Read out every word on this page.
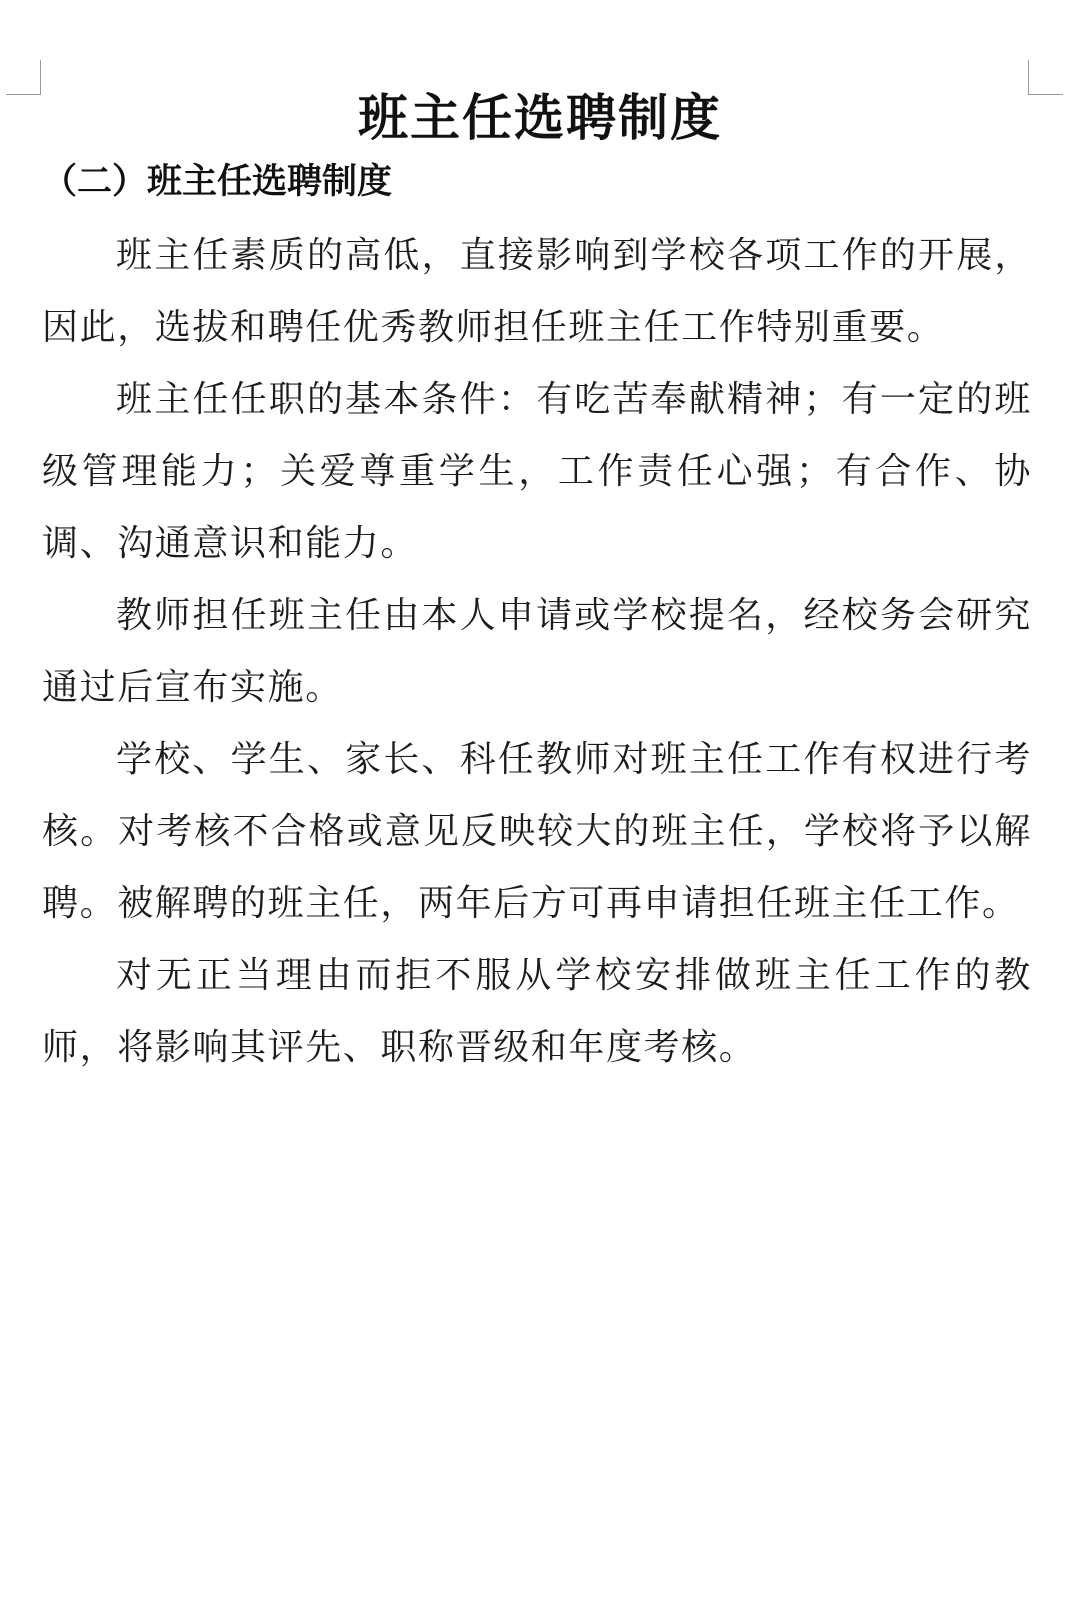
班主任选聘制度
（二）班主任选聘制度

班主任素质的高低，直接影响到学校各项工作的开展，因此，选拔和聘任优秀教师担任班主任工作特别重要。

班主任任职的基本条件：有吃苦奉献精神；有一定的班级管理能力；关爱尊重学生，工作责任心强；有合作、协调、沟通意识和能力。

教师担任班主任由本人申请或学校提名，经校务会研究通过后宣布实施。

学校、学生、家长、科任教师对班主任工作有权进行考核。对考核不合格或意见反映较大的班主任，学校将予以解聘。被解聘的班主任，两年后方可再申请担任班主任工作。

对无正当理由而拒不服从学校安排做班主任工作的教师，将影响其评先、职称晋级和年度考核。
